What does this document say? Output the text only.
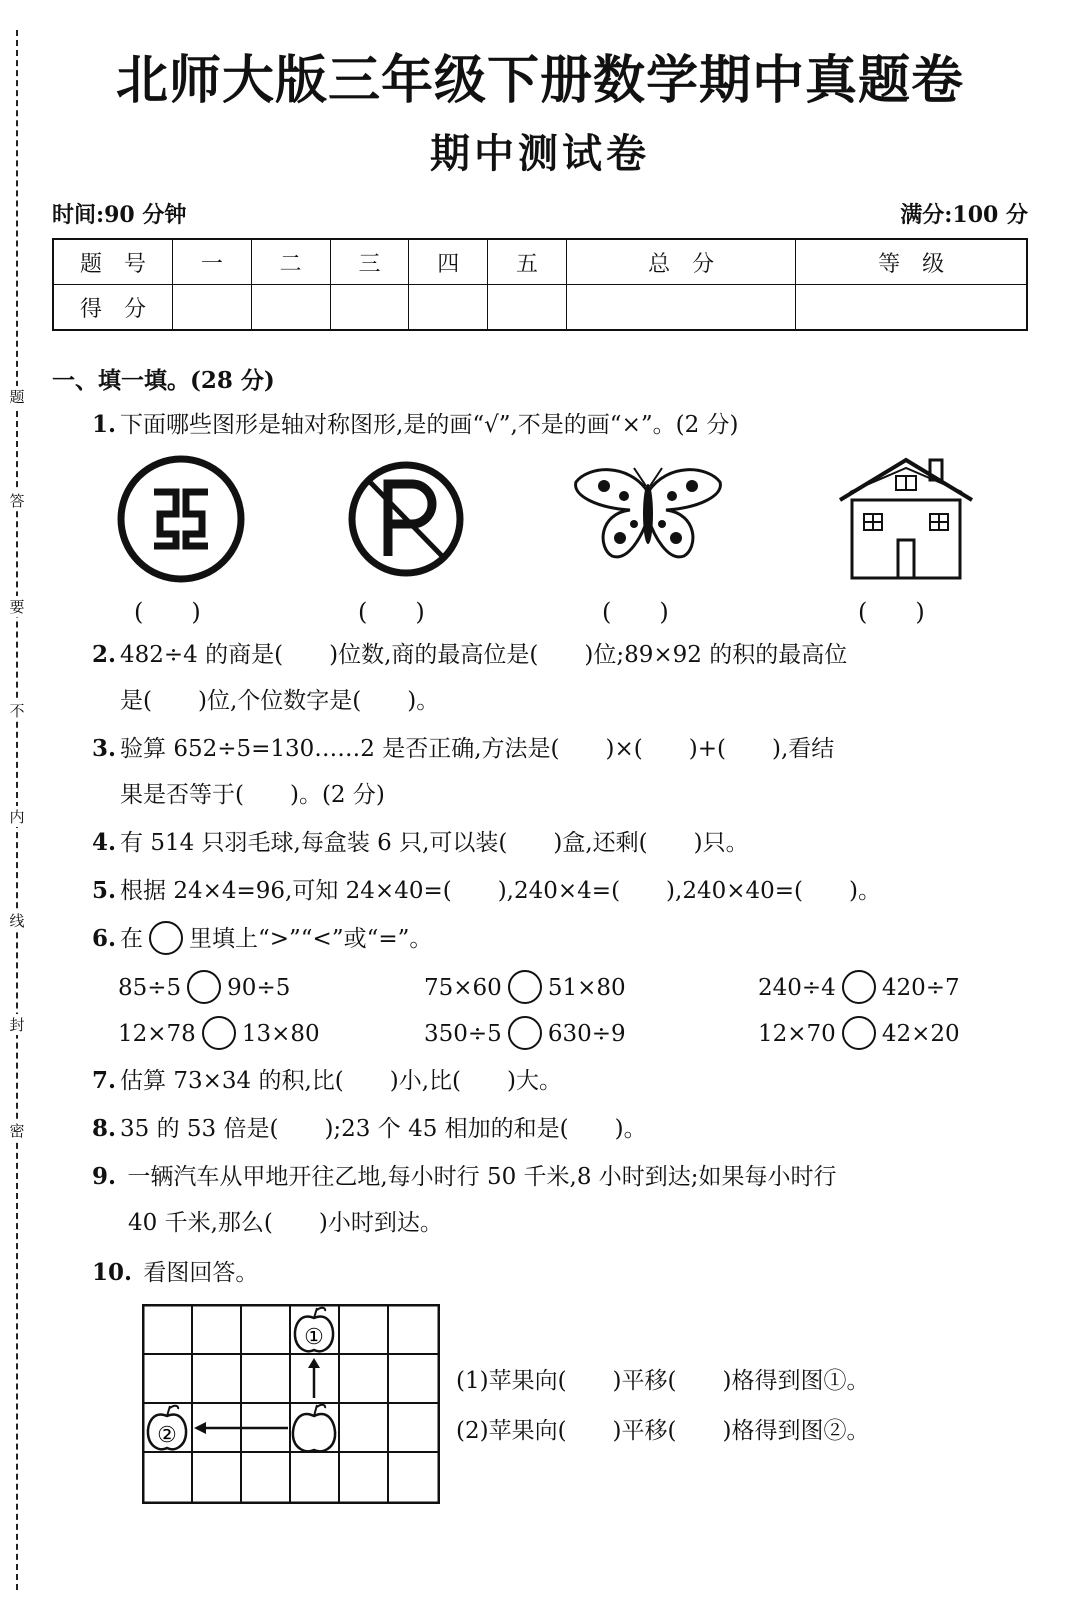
题
答
要
不
内
线
封
密
北师大版三年级下册数学期中真题卷
期中测试卷
时间:90 分钟	满分:100 分
题　号	一	二	三	四	五	总　分	等　级
得　分							
一、填一填。(28 分)
1. 下面哪些图形是轴对称图形,是的画“√”,不是的画“×”。(2 分)
(　　)	(　　)	(　　)	(　　)
2. 482÷4 的商是(　　)位数,商的最高位是(　　)位;89×92 的积的最高位
是(　　)位,个位数字是(　　)。
3. 验算 652÷5=130……2 是否正确,方法是(　　)×(　　)+(　　),看结
果是否等于(　　)。(2 分)
4. 有 514 只羽毛球,每盒装 6 只,可以装(　　)盒,还剩(　　)只。
5. 根据 24×4=96,可知 24×40=(　　),240×4=(　　),240×40=(　　)。
6. 在 里填上“>”“<”或“=”。
85÷5 90÷5	75×60 51×80	240÷4 420÷7
12×78 13×80	350÷5 630÷9	12×70 42×20
7. 估算 73×34 的积,比(　　)小,比(　　)大。
8. 35 的 53 倍是(　　);23 个 45 相加的和是(　　)。
9. 一辆汽车从甲地开往乙地,每小时行 50 千米,8 小时到达;如果每小时行
40 千米,那么(　　)小时到达。
10. 看图回答。
①
②
(1)苹果向(　　)平移(　　)格得到图①。
(2)苹果向(　　)平移(　　)格得到图②。
